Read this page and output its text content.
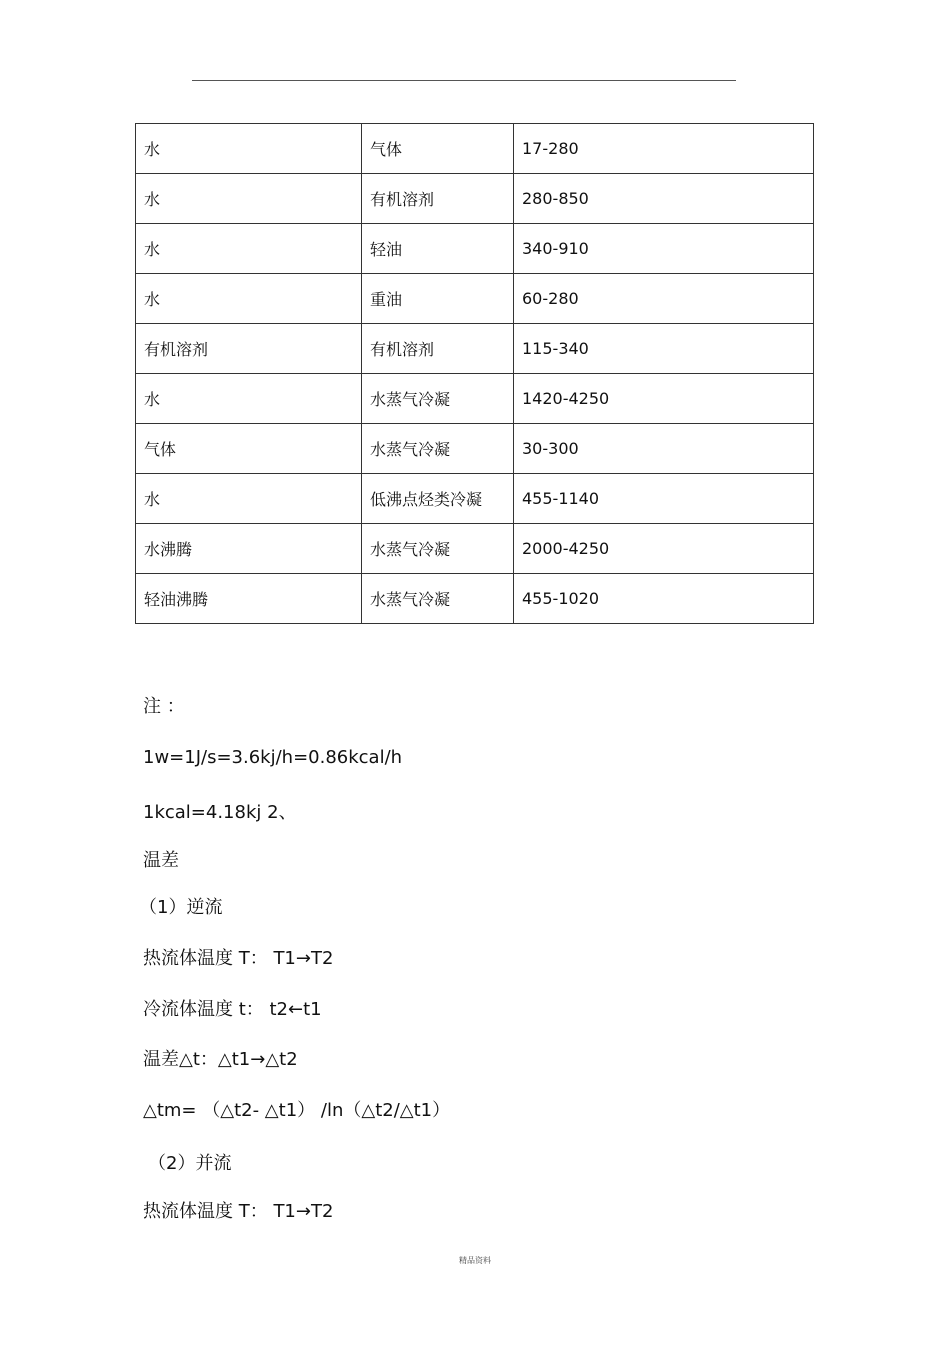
水	气体	17-280
水	有机溶剂	280-850
水	轻油	340-910
水	重油	60-280
有机溶剂	有机溶剂	115-340
水	水蒸气冷凝	1420-4250
气体	水蒸气冷凝	30-300
水	低沸点烃类冷凝	455-1140
水沸腾	水蒸气冷凝	2000-4250
轻油沸腾	水蒸气冷凝	455-1020
注 ：
1w=1J/s=3.6kj/h=0.86kcal/h
1kcal=4.18kj 2、
温差
（1）逆流
热流体温度 T： T1→T2
冷流体温度 t： t2←t1
温差△t：△t1→△t2
△tm= （△t2- △t1） /ln（△t2/△t1）
（2）并流
热流体温度 T： T1→T2
精品资料
